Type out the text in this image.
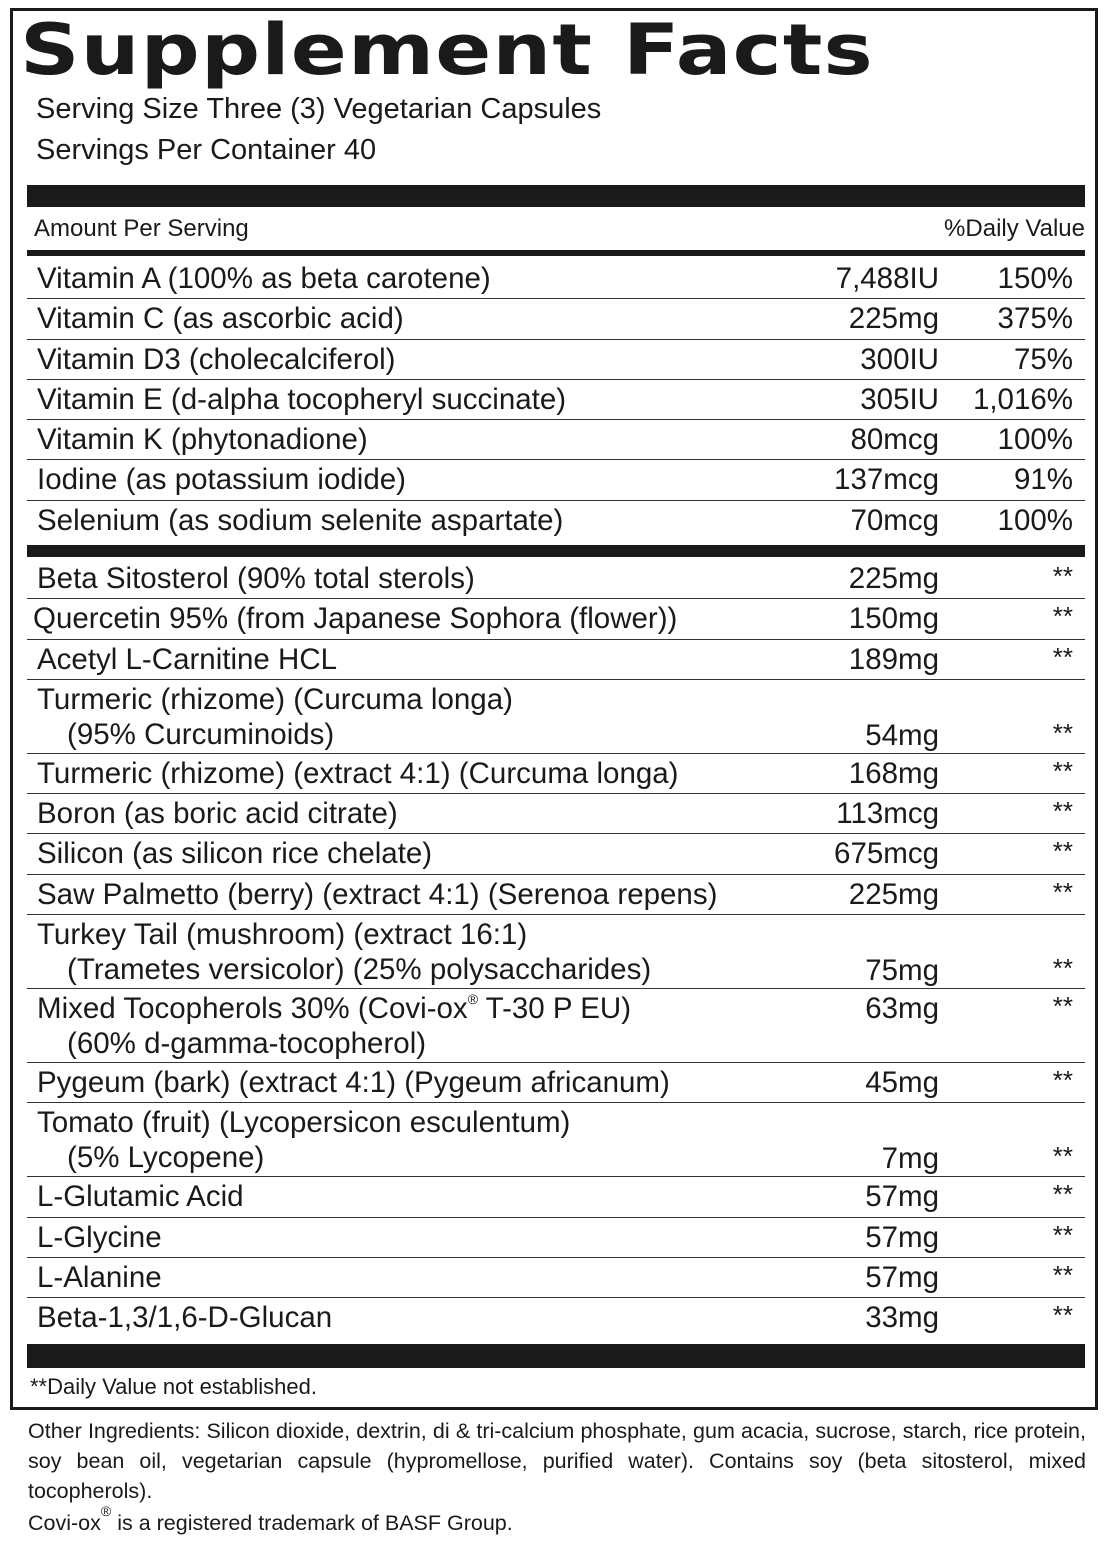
Supplement Facts
Serving Size Three (3) Vegetarian Capsules
Servings Per Container 40
Amount Per Serving	%Daily Value
Vitamin A (100% as beta carotene)	7,488IU 150%
Vitamin C (as ascorbic acid)	225mg 375%
Vitamin D3 (cholecalciferol)	300IU	75%
Vitamin E (d-alpha tocopheryl succinate)	305IU 1,016%
Vitamin K (phytonadione)	80mcg 100%
Iodine (as potassium iodide)	137mcg	91%
Selenium (as sodium selenite aspartate)	70mcg 100%
Beta Sitosterol (90% total sterols)	225mg	**
Quercetin 95% (from Japanese Sophora (flower))	150mg	**
Acetyl L-Carnitine HCL	189mg	**
Turmeric (rhizome) (Curcuma longa)
(95% Curcuminoids)	54mg	**
Turmeric (rhizome) (extract 4:1) (Curcuma longa)	168mg	**
Boron (as boric acid citrate)	113mcg	**
Silicon (as silicon rice chelate)	675mcg	**
Saw Palmetto (berry) (extract 4:1) (Serenoa repens)	225mg	**
Turkey Tail (mushroom) (extract 16:1)
(Trametes versicolor) (25% polysaccharides)	75mg	**
Mixed Tocopherols 30% (Covi-ox® T-30 P EU)
(60% d-gamma-tocopherol)
63mg	**
Pygeum (bark) (extract 4:1) (Pygeum africanum)	45mg	**
Tomato (fruit) (Lycopersicon esculentum)
(5% Lycopene)	7mg	**
L-Glutamic Acid	57mg	**
L-Glycine	57mg	**
L-Alanine	57mg	**
Beta-1,3/1,6-D-Glucan	33mg	**
**Daily Value not established.
Other Ingredients: Silicon dioxide, dextrin, di & tri-calcium phosphate, gum acacia, sucrose, starch, rice protein, soy bean oil, vegetarian capsule (hypromellose, purified water). Contains soy (beta sitosterol, mixed tocopherols).
Covi-ox® is a registered trademark of BASF Group.
